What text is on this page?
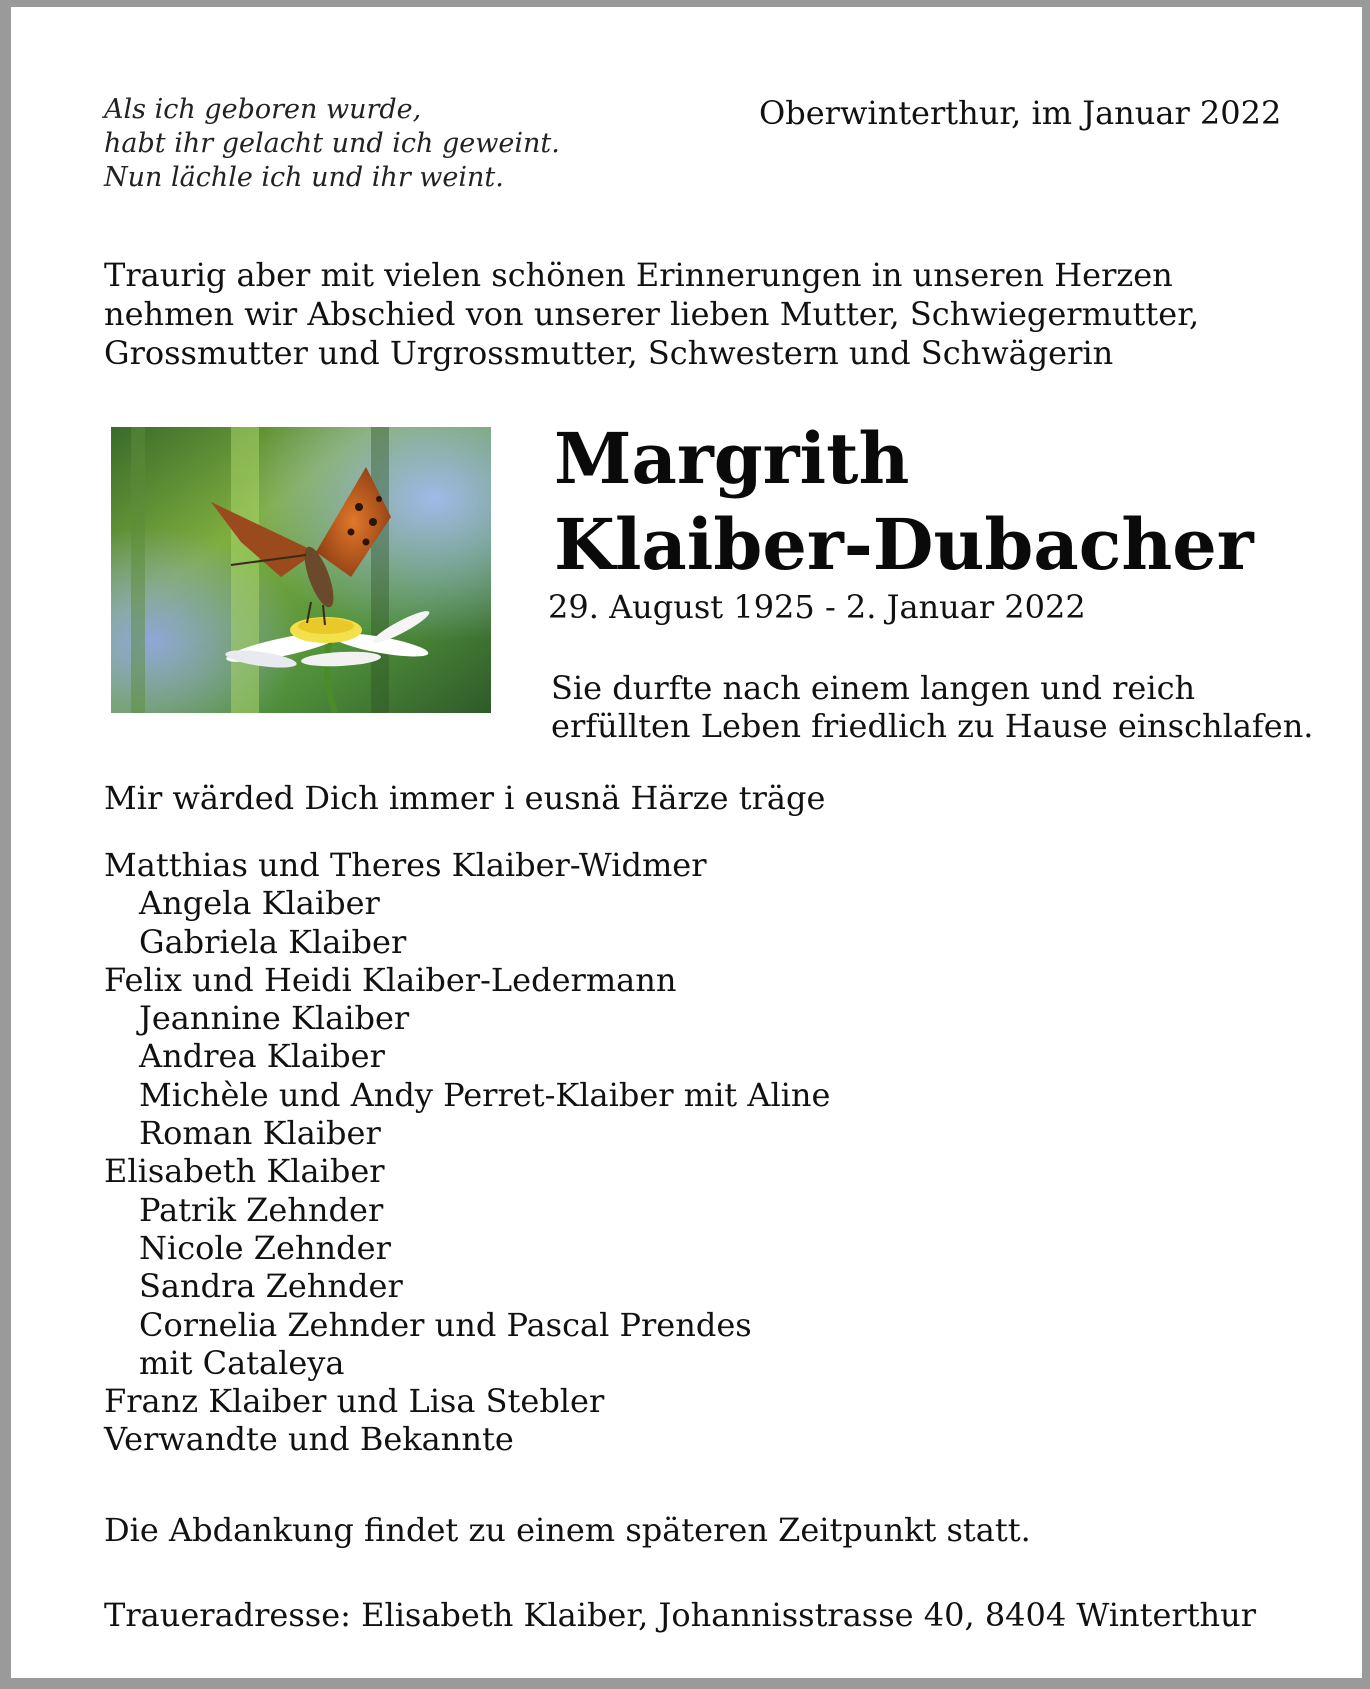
Als ich geboren wurde,
habt ihr gelacht und ich geweint.
Nun lächle ich und ihr weint.
Oberwinterthur, im Januar 2022
Traurig aber mit vielen schönen Erinnerungen in unseren Herzen
nehmen wir Abschied von unserer lieben Mutter, Schwiegermutter,
Grossmutter und Urgrossmutter, Schwestern und Schwägerin
Margrith
Klaiber-Dubacher
29. August 1925 - 2. Januar 2022
Sie durfte nach einem langen und reich
erfüllten Leben friedlich zu Hause einschlafen.
Mir wärded Dich immer i eusnä Härze träge
Matthias und Theres Klaiber-Widmer
Angela Klaiber
Gabriela Klaiber
Felix und Heidi Klaiber-Ledermann
Jeannine Klaiber
Andrea Klaiber
Michèle und Andy Perret-Klaiber mit Aline
Roman Klaiber
Elisabeth Klaiber
Patrik Zehnder
Nicole Zehnder
Sandra Zehnder
Cornelia Zehnder und Pascal Prendes
mit Cataleya
Franz Klaiber und Lisa Stebler
Verwandte und Bekannte
Die Abdankung findet zu einem späteren Zeitpunkt statt.
Traueradresse: Elisabeth Klaiber, Johannisstrasse 40, 8404 Winterthur
